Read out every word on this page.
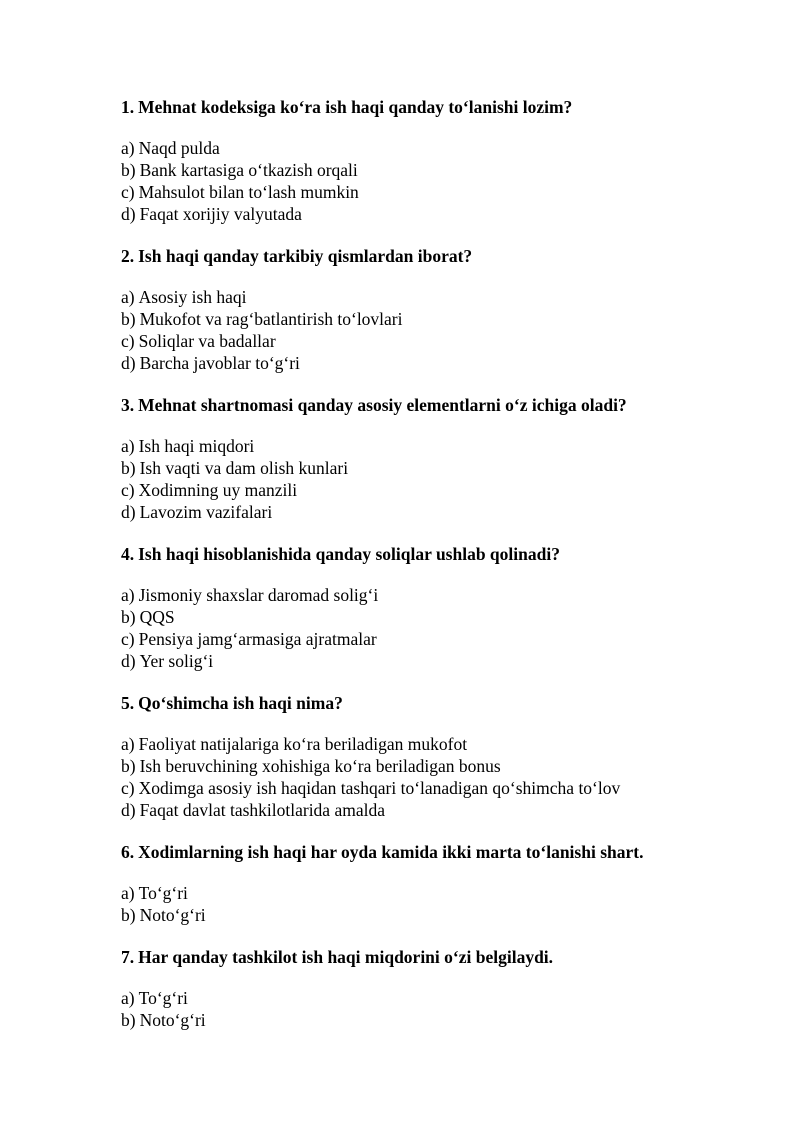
1. Mehnat kodeksiga ko‘ra ish haqi qanday to‘lanishi lozim?
a) Naqd pulda
b) Bank kartasiga o‘tkazish orqali
c) Mahsulot bilan to‘lash mumkin
d) Faqat xorijiy valyutada
2. Ish haqi qanday tarkibiy qismlardan iborat?
a) Asosiy ish haqi
b) Mukofot va rag‘batlantirish to‘lovlari
c) Soliqlar va badallar
d) Barcha javoblar to‘g‘ri
3. Mehnat shartnomasi qanday asosiy elementlarni o‘z ichiga oladi?
a) Ish haqi miqdori
b) Ish vaqti va dam olish kunlari
c) Xodimning uy manzili
d) Lavozim vazifalari
4. Ish haqi hisoblanishida qanday soliqlar ushlab qolinadi?
a) Jismoniy shaxslar daromad solig‘i
b) QQS
c) Pensiya jamg‘armasiga ajratmalar
d) Yer solig‘i
5. Qo‘shimcha ish haqi nima?
a) Faoliyat natijalariga ko‘ra beriladigan mukofot
b) Ish beruvchining xohishiga ko‘ra beriladigan bonus
c) Xodimga asosiy ish haqidan tashqari to‘lanadigan qo‘shimcha to‘lov
d) Faqat davlat tashkilotlarida amalda
6. Xodimlarning ish haqi har oyda kamida ikki marta to‘lanishi shart.
a) To‘g‘ri
b) Noto‘g‘ri
7. Har qanday tashkilot ish haqi miqdorini o‘zi belgilaydi.
a) To‘g‘ri
b) Noto‘g‘ri
